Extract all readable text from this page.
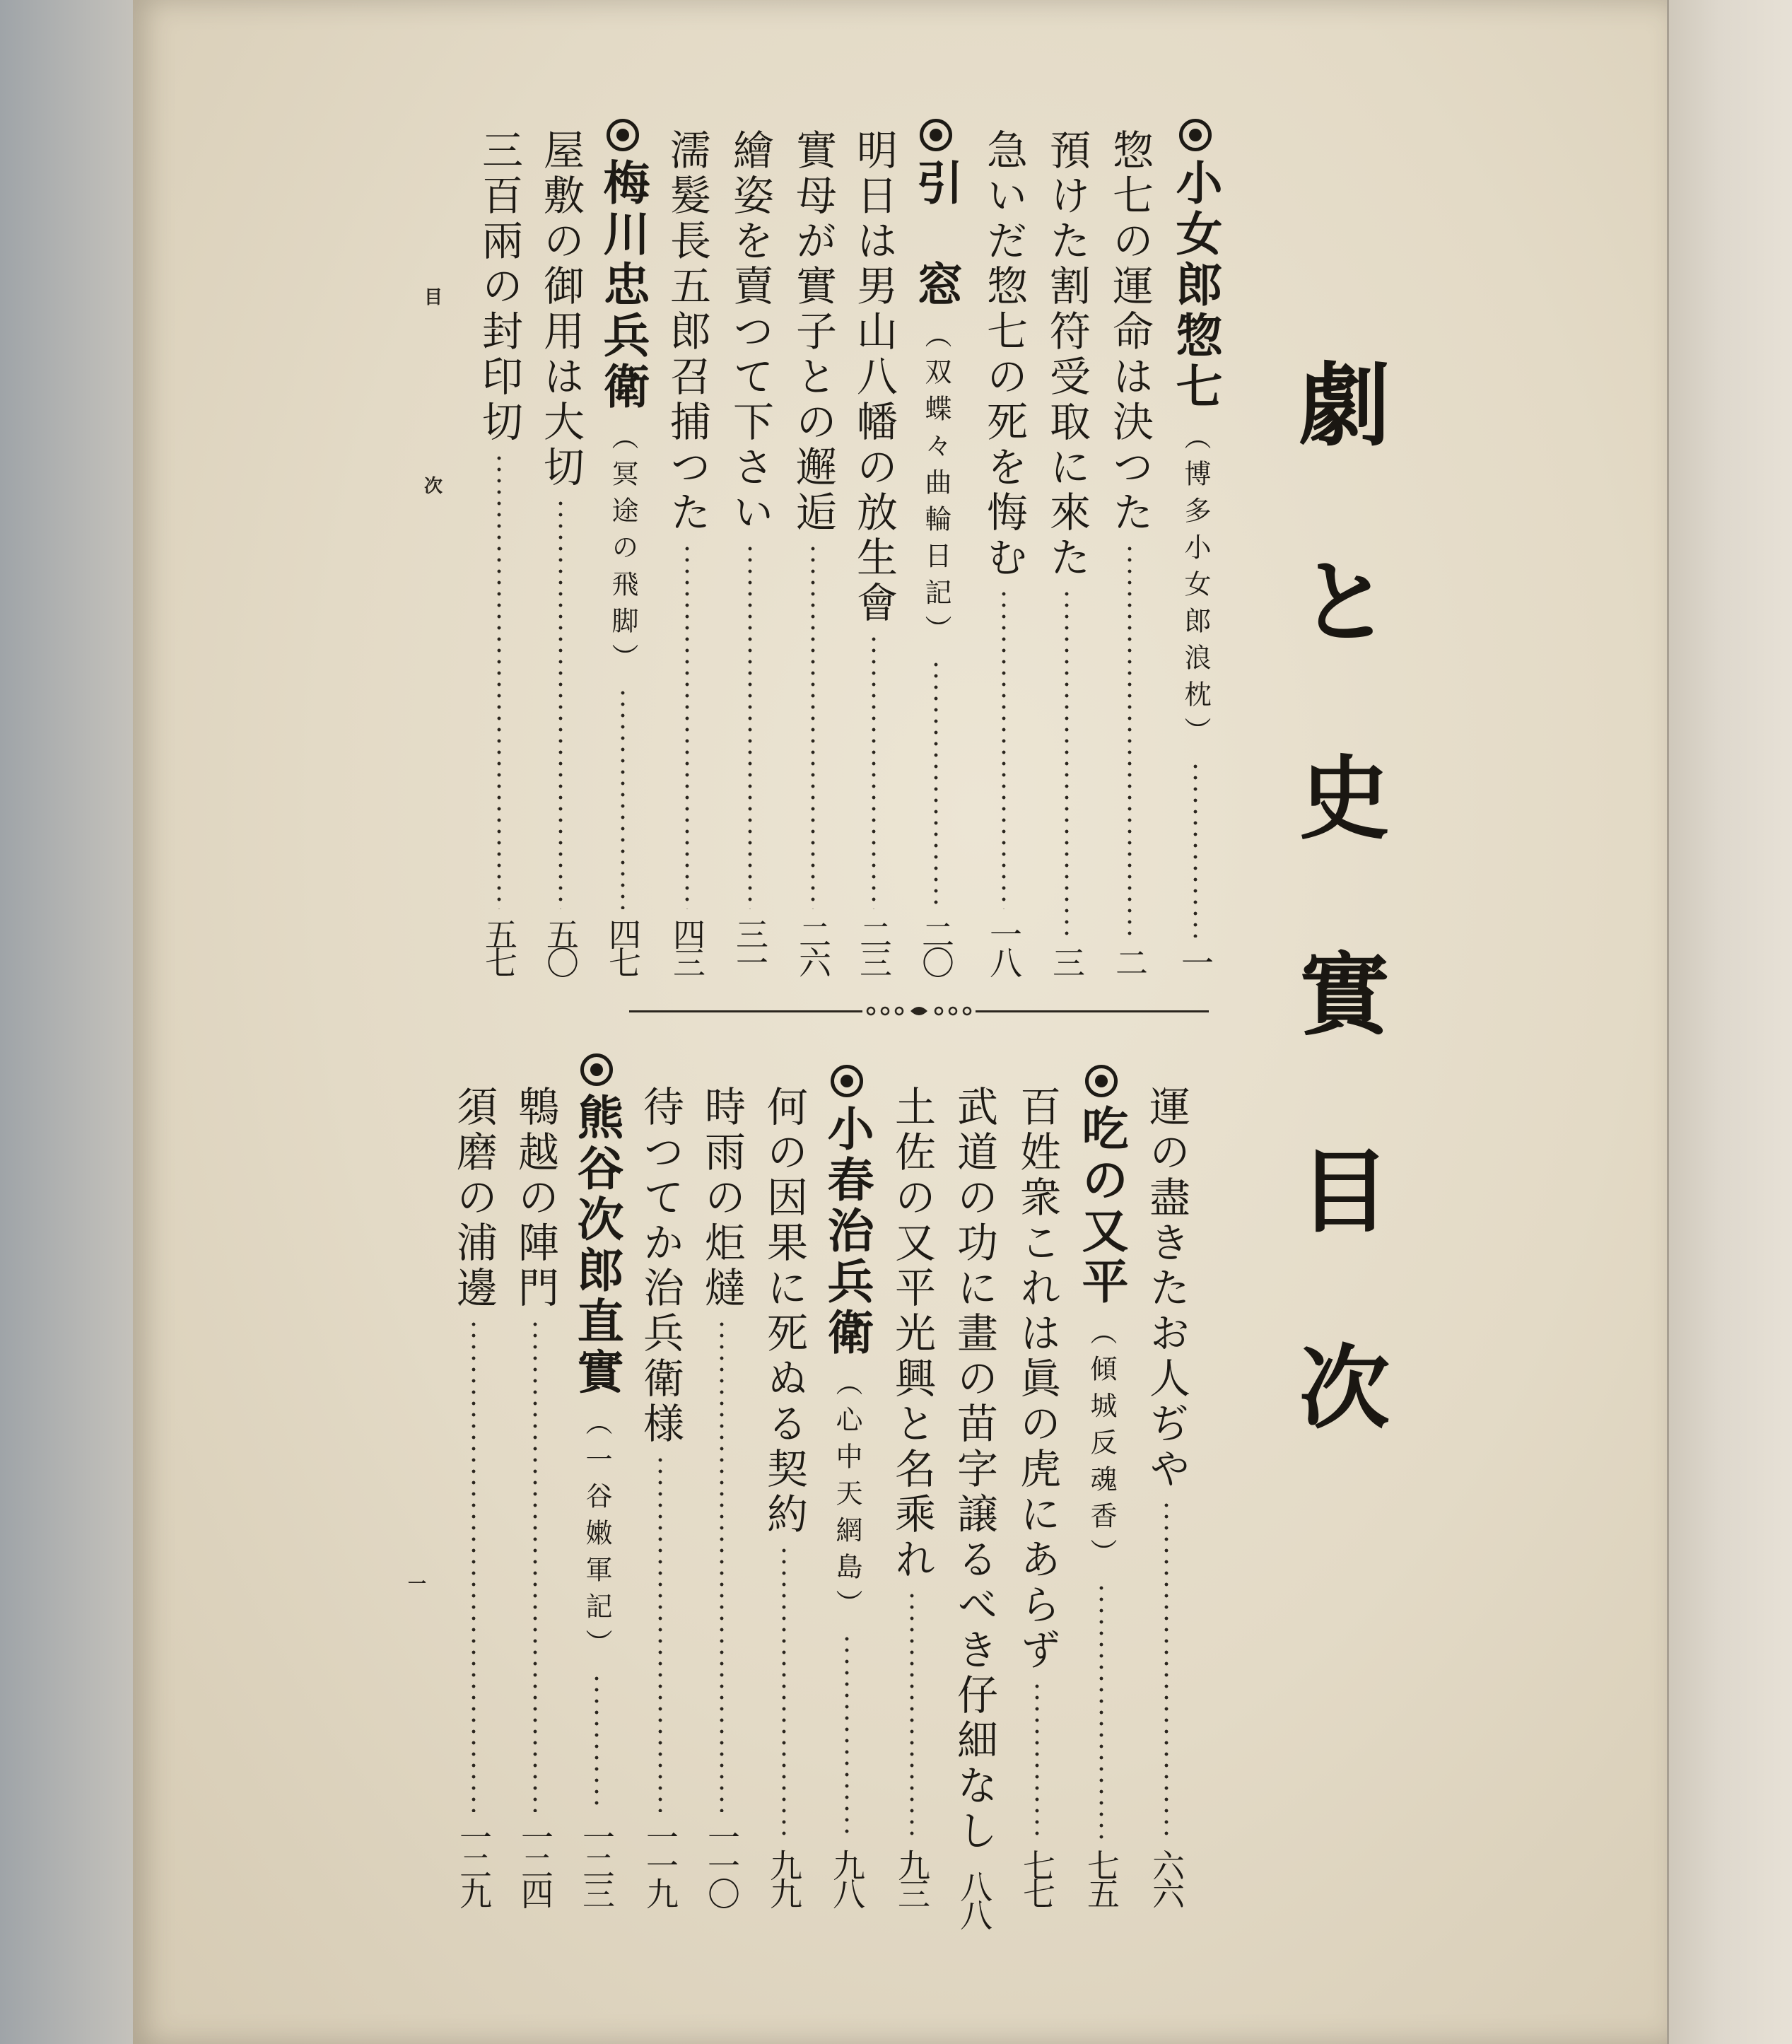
劇
と
史
實
目
次
小女郎惣七
（博多小女郎浪枕）
一
惣七の運命は決つた
二
預けた割符受取に來た
三
急いだ惣七の死を悔む
一八
引　窓
（双蝶々曲輪日記）
二〇
明日は男山八幡の放生會
二三
實母が實子との邂逅
二六
繪姿を賣つて下さい
三一
濡髮長五郎召捕つた
四三
梅川忠兵衛
（冥途の飛脚）
四七
屋敷の御用は大切
五〇
三百兩の封印切
五七
運の盡きたお人ぢや
六六
吃の又平
（傾城反魂香）
七五
百姓衆これは眞の虎にあらず
七七
武道の功に畫の苗字譲るべき仔細なし
八八
土佐の又平光興と名乘れ
九三
小春治兵衛
（心中天網島）
九八
何の因果に死ぬる契約
九九
時雨の炬燵
一一〇
待つてか治兵衛様
一一九
熊谷次郎直實
（一谷嫩軍記）
一二三
鵯越の陣門
一二四
須磨の浦邊
一二九
目
次
一
